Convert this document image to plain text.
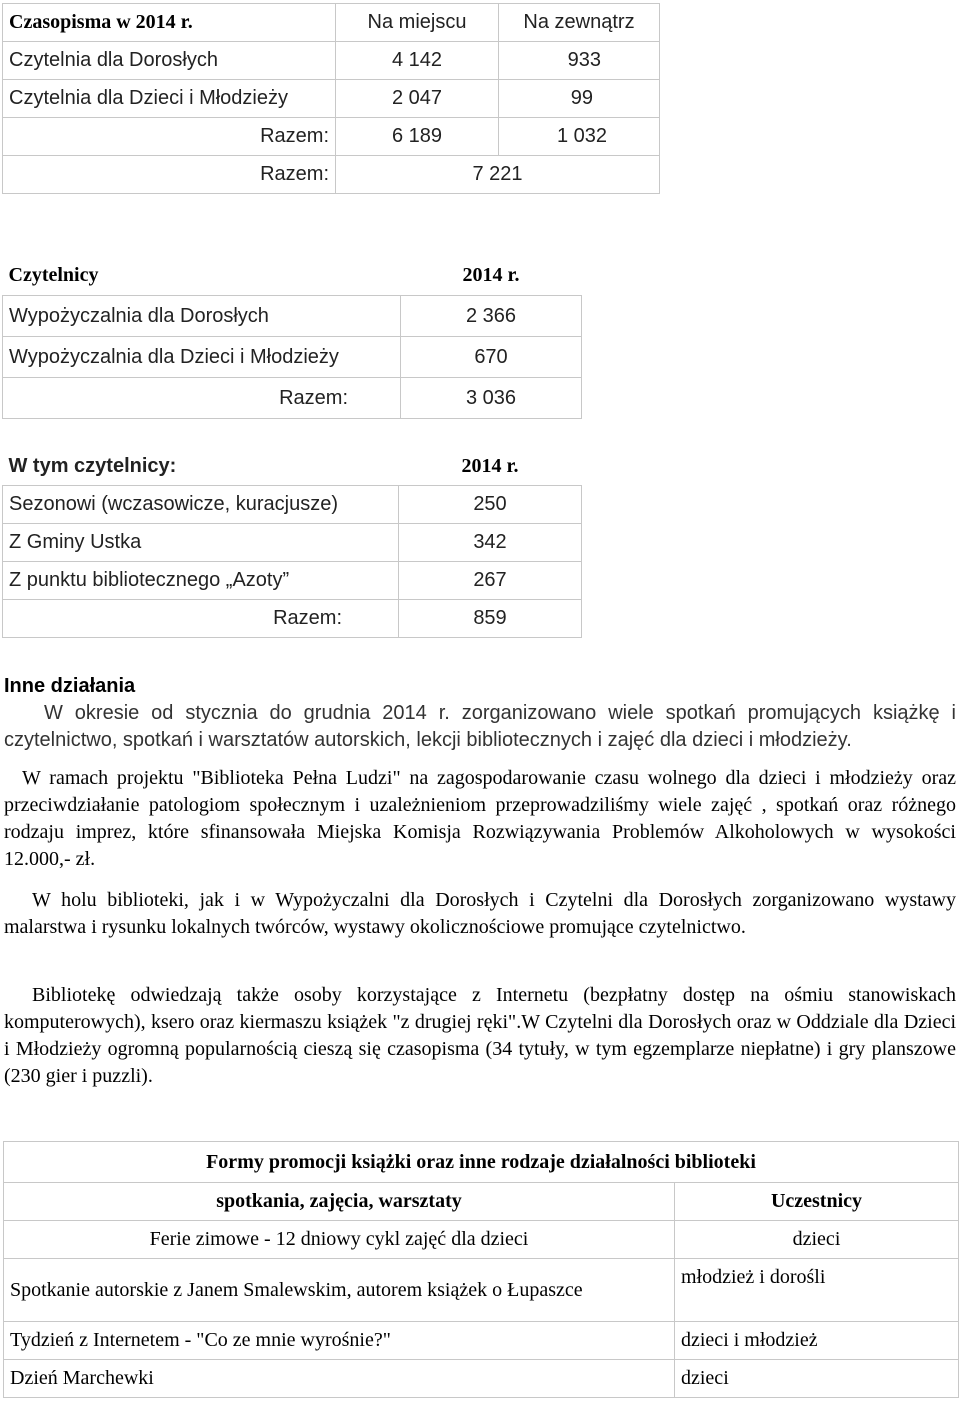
Czasopisma w 2014 r.	Na miejscu	Na zewnątrz
Czytelnia dla Dorosłych	4 142	933
Czytelnia dla Dzieci i Młodzieży	2 047	99
Razem:	6 189	1 032
Razem:	7 221	
Czytelnicy	2014 r.
Wypożyczalnia dla Dorosłych	2 366
Wypożyczalnia dla Dzieci i Młodzieży	670
Razem:	3 036
W tym czytelnicy:	2014 r.
Sezonowi (wczasowicze, kuracjusze)	250
Z Gminy Ustka	342
Z punktu bibliotecznego „Azoty”	267
Razem:	859
Inne działania

W okresie od stycznia do grudnia 2014 r. zorganizowano wiele spotkań promujących książkę i czytelnictwo, spotkań i warsztatów autorskich, lekcji bibliotecznych i zajęć dla dzieci i młodzieży.

W ramach projektu "Biblioteka Pełna Ludzi" na zagospodarowanie czasu wolnego dla dzieci i młodzieży oraz przeciwdziałanie patologiom społecznym i uzależnieniom przeprowadziliśmy wiele zajęć , spotkań oraz różnego rodzaju imprez, które sfinansowała Miejska Komisja Rozwiązywania Problemów Alkoholowych w wysokości 12.000,- zł.

W holu biblioteki, jak i w Wypożyczalni dla Dorosłych i Czytelni dla Dorosłych zorganizowano wystawy malarstwa i rysunku lokalnych twórców, wystawy okolicznościowe promujące czytelnictwo.

Bibliotekę odwiedzają także osoby korzystające z Internetu (bezpłatny dostęp na ośmiu stanowiskach komputerowych), ksero oraz kiermaszu książek "z drugiej ręki".W Czytelni dla Dorosłych oraz w Oddziale dla Dzieci i Młodzieży ogromną popularnością cieszą się czasopisma (34 tytuły, w tym egzemplarze niepłatne) i gry planszowe (230 gier i puzzli).

Formy promocji książki oraz inne rodzaje działalności biblioteki	
spotkania, zajęcia, warsztaty	Uczestnicy
Ferie zimowe - 12 dniowy cykl zajęć dla dzieci	dzieci
Spotkanie autorskie z Janem Smalewskim, autorem książek o Łupaszce	młodzież i dorośli
Tydzień z Internetem - "Co ze mnie wyrośnie?"	dzieci i młodzież
Dzień Marchewki	dzieci
